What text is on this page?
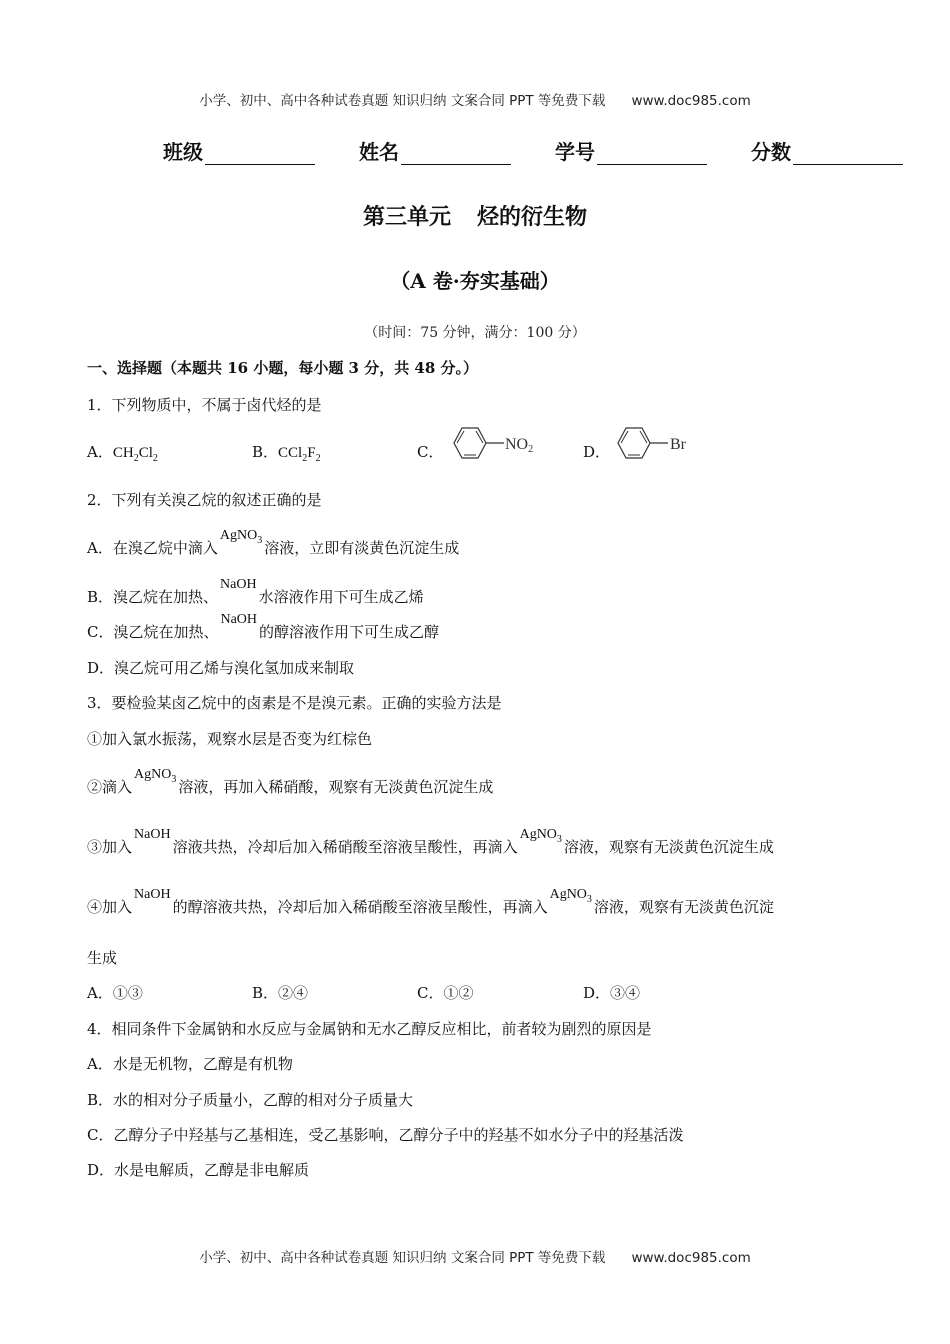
小学、初中、高中各种试卷真题 知识归纳 文案合同 PPT 等免费下载 www.doc985.com
班级	姓名	学号	分数
第三单元 烃的衍生物
（A 卷·夯实基础）
（时间：75 分钟，满分：100 分）
一、选择题（本题共 16 小题，每小题 3 分，共 48 分。）
1．下列物质中，不属于卤代烃的是
A．$CH_2Cl_2$	B．$CCl_2F_2$	C．	NO2	D．	Br
2．下列有关溴乙烷的叙述正确的是
A．在溴乙烷中滴入AgNO$_3$ 溶液，立即有淡黄色沉淀生成
B．溴乙烷在加热、NaOH水溶液作用下可生成乙烯
C．溴乙烷在加热、NaOH的醇溶液作用下可生成乙醇
D．溴乙烷可用乙烯与溴化氢加成来制取
3．要检验某卤乙烷中的卤素是不是溴元素。正确的实验方法是
①加入氯水振荡，观察水层是否变为红棕色
②滴入AgNO$_3$ 溶液，再加入稀硝酸，观察有无淡黄色沉淀生成
③加入NaOH溶液共热，冷却后加入稀硝酸至溶液呈酸性，再滴入AgNO$_3$ 溶液，观察有无淡黄色沉淀生成
④加入NaOH的醇溶液共热，冷却后加入稀硝酸至溶液呈酸性，再滴入AgNO$_3$ 溶液，观察有无淡黄色沉淀
生成
A．①③	B．②④	C．①②	D．③④
4．相同条件下金属钠和水反应与金属钠和无水乙醇反应相比，前者较为剧烈的原因是
A．水是无机物，乙醇是有机物
B．水的相对分子质量小，乙醇的相对分子质量大
C．乙醇分子中羟基与乙基相连，受乙基影响，乙醇分子中的羟基不如水分子中的羟基活泼
D．水是电解质，乙醇是非电解质
小学、初中、高中各种试卷真题 知识归纳 文案合同 PPT 等免费下载 www.doc985.com
